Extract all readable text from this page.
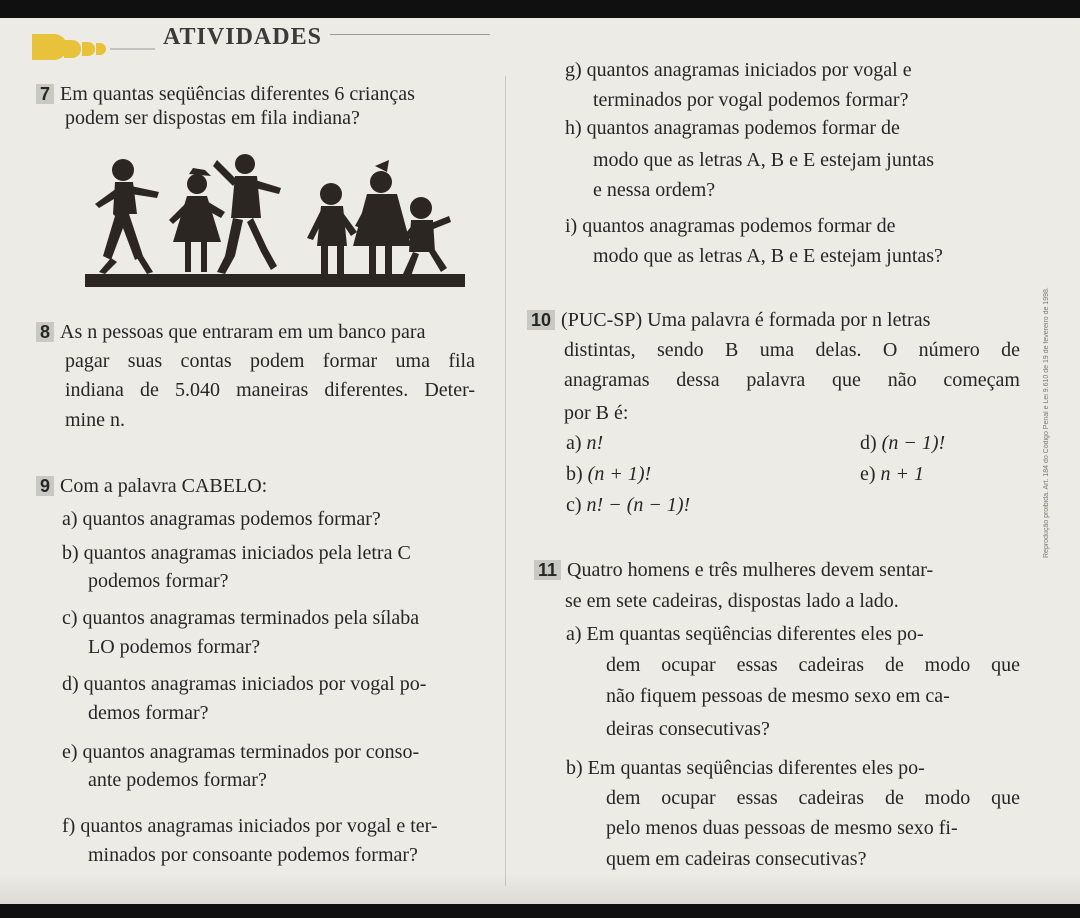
ATIVIDADES
7 Em quantas seqüências diferentes 6 crianças
podem ser dispostas em fila indiana?
8 As n pessoas que entraram em um banco para
pagar suas contas podem formar uma fila
indiana de 5.040 maneiras diferentes. Deter-
mine n.
9 Com a palavra CABELO:
a) quantos anagramas podemos formar?
b) quantos anagramas iniciados pela letra C
podemos formar?
c) quantos anagramas terminados pela sílaba
LO podemos formar?
d) quantos anagramas iniciados por vogal po-
demos formar?
e) quantos anagramas terminados por conso-
ante podemos formar?
f) quantos anagramas iniciados por vogal e ter-
minados por consoante podemos formar?
g) quantos anagramas iniciados por vogal e
terminados por vogal podemos formar?
h) quantos anagramas podemos formar de
modo que as letras A, B e E estejam juntas
e nessa ordem?
i) quantos anagramas podemos formar de
modo que as letras A, B e E estejam juntas?
10 (PUC-SP) Uma palavra é formada por n letras
distintas, sendo B uma delas. O número de
anagramas dessa palavra que não começam
por B é:
a) n!
b) (n + 1)!
c) n! − (n − 1)!
d) (n − 1)!
e) n + 1
11 Quatro homens e três mulheres devem sentar-
se em sete cadeiras, dispostas lado a lado.
a) Em quantas seqüências diferentes eles po-
dem ocupar essas cadeiras de modo que
não fiquem pessoas de mesmo sexo em ca-
deiras consecutivas?
b) Em quantas seqüências diferentes eles po-
dem ocupar essas cadeiras de modo que
pelo menos duas pessoas de mesmo sexo fi-
quem em cadeiras consecutivas?
Reprodução proibida. Art. 184 do Código Penal e Lei 9.610 de 19 de fevereiro de 1998.
